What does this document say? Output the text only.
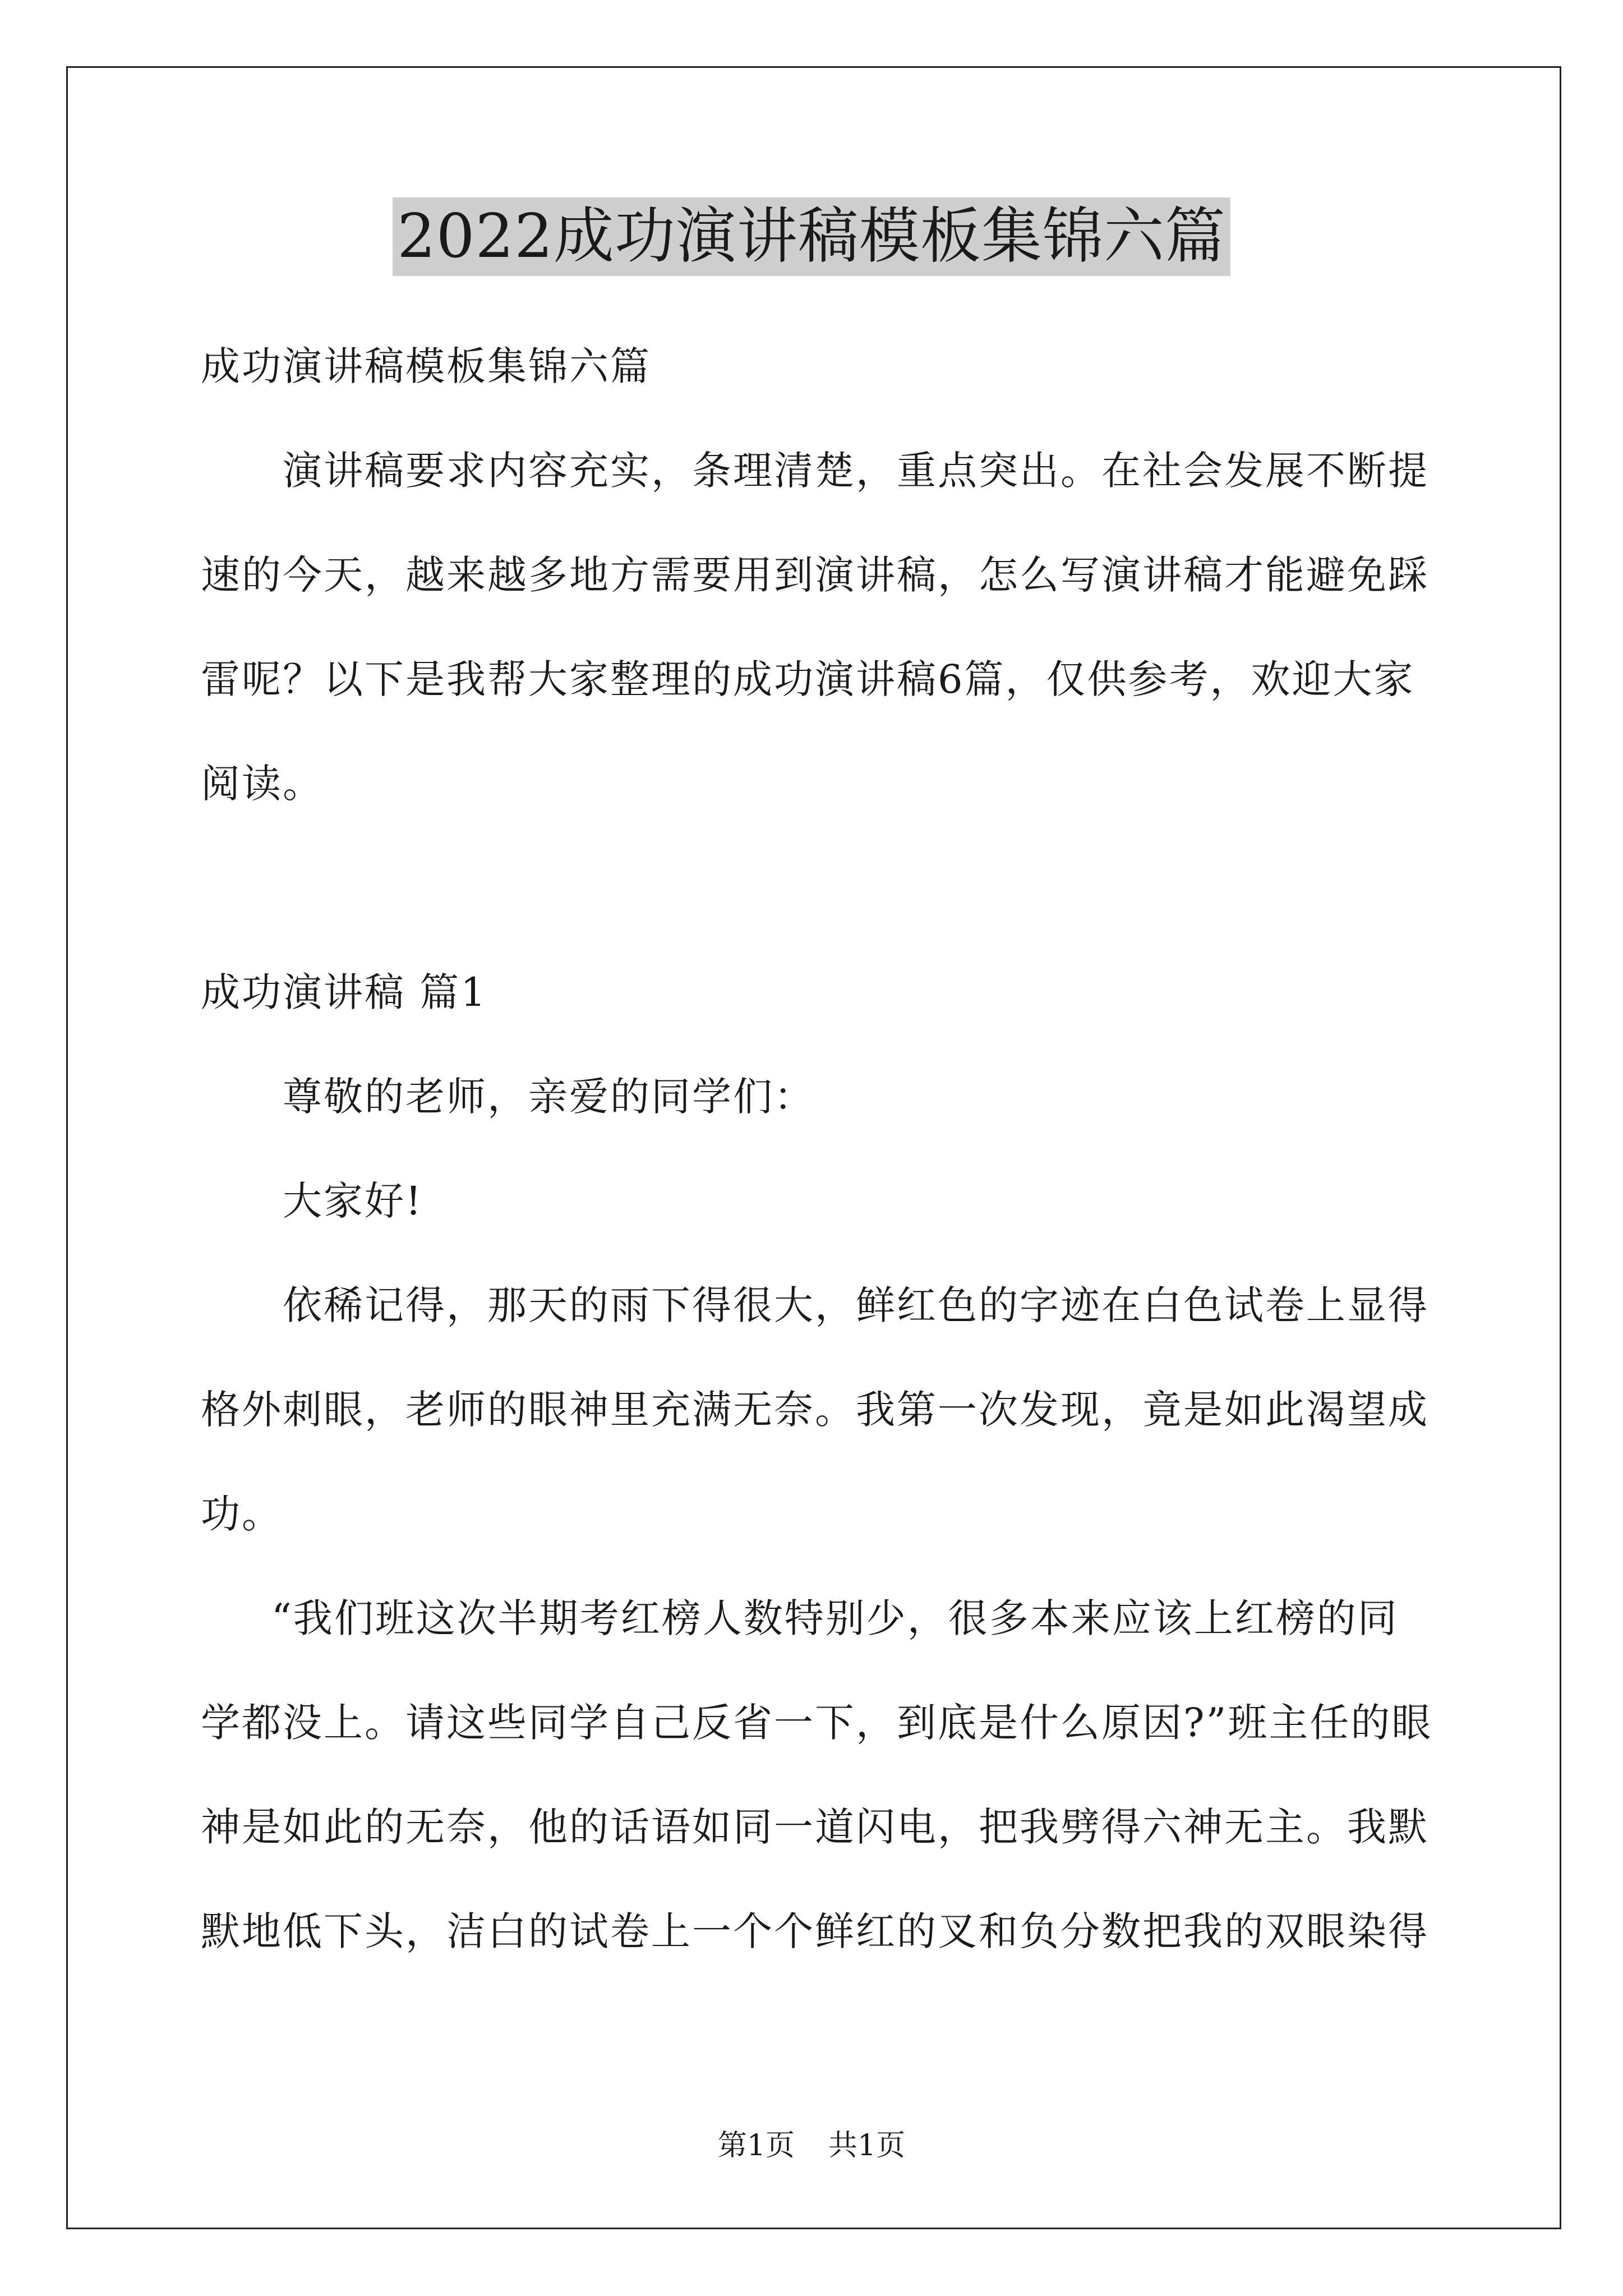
2022成功演讲稿模板集锦六篇
成功演讲稿模板集锦六篇
演讲稿要求内容充实，条理清楚，重点突出。在社会发展不断提
速的今天，越来越多地方需要用到演讲稿，怎么写演讲稿才能避免踩
雷呢？以下是我帮大家整理的成功演讲稿6篇，仅供参考，欢迎大家
阅读。
成功演讲稿 篇1
尊敬的老师，亲爱的同学们：
大家好!
依稀记得，那天的雨下得很大，鲜红色的字迹在白色试卷上显得
格外刺眼，老师的眼神里充满无奈。我第一次发现，竟是如此渴望成
功。
“我们班这次半期考红榜人数特别少，很多本来应该上红榜的同
学都没上。请这些同学自己反省一下，到底是什么原因?”班主任的眼
神是如此的无奈，他的话语如同一道闪电，把我劈得六神无主。我默
默地低下头，洁白的试卷上一个个鲜红的叉和负分数把我的双眼染得
第1页 共1页
